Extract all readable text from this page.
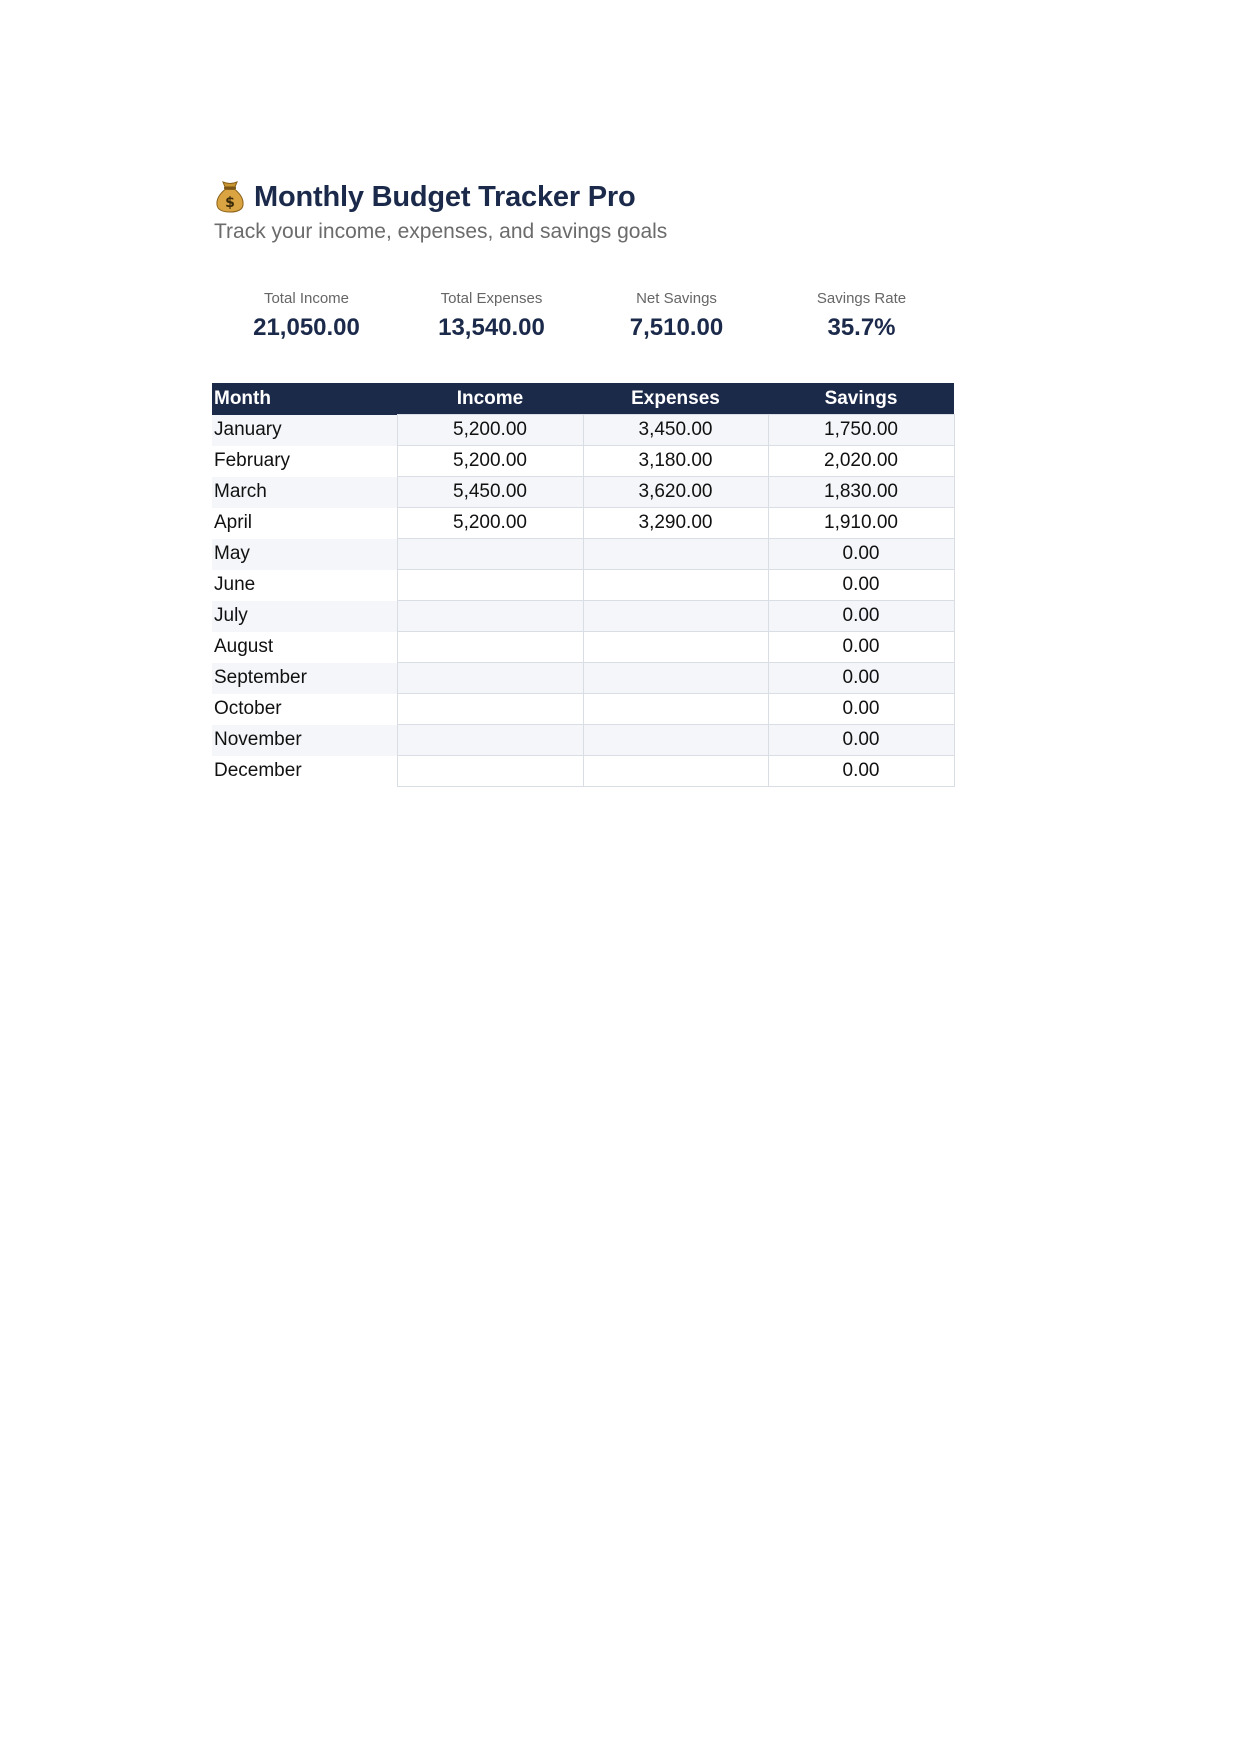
$ Monthly Budget Tracker Pro
Track your income, expenses, and savings goals
Total Income
21,050.00
Total Expenses
13,540.00
Net Savings
7,510.00
Savings Rate
35.7%
Month	Income	Expenses	Savings
January	5,200.00	3,450.00	1,750.00
February	5,200.00	3,180.00	2,020.00
March	5,450.00	3,620.00	1,830.00
April	5,200.00	3,290.00	1,910.00
May			0.00
June			0.00
July			0.00
August			0.00
September			0.00
October			0.00
November			0.00
December			0.00
